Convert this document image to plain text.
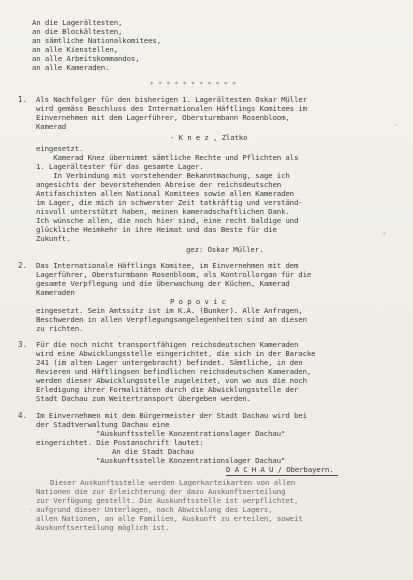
An die Lagerältesten,
an die Blockältesten,
an sämtliche Nationalkomitees,
an alle Kienstellen,
an alle Arbeitskommandos,
an alle Kameraden.
* * * * * * * * * * *
1. Als Nachfolger für den bisherigen 1. Lagerältesten Oskar Müller
wird gemäss Beschluss des Internationalen Häftlings Komitees im
Einvernehmen mit dem Lagerführer, Obersturmbann Rosenbloom,
Kamerad
- K n e z , Zlatko
eingesetzt.
Kamerad Knez übernimmt sämtliche Rechte und Pflichten als
1. Lagerältester für das gesamte Lager.
In Verbindung mit vorstehender Bekanntmachung, sage ich
angesichts der bevorstehenden Abreise der reichsdeutschen
Antifaschisten allen National Komitees sowie allen Kameraden
im Lager, die mich in schwerster Zeit tatkräftig und verständ-
nisvoll unterstützt haben, meinen kameradschaftlichen Dank.
Ich wünsche allen, die noch hier sind, eine recht baldige und
glückliche Heimkehr in ihre Heimat und das Beste für die
Zukunft.
gez: Oskar Müller.
2. Das Internationale Häftlings Komitee, im Einvernehmen mit dem
Lagerführer, Obersturmbann Rosenbloom, als Kontrollorgan für die
gesamte Verpflegung und die Überwachung der Küchen, Kamerad
Kameraden
P o p o v i c
eingesetzt. Sein Amtssitz ist im K.A. (Bunker). Alle Anfragen,
Beschwerden in allen Verpflegungsangelegenheiten sind an diesen
zu richten.
3. Für die noch nicht transportfähigen reichsdeutschen Kameraden
wird eine Abwicklungsstelle eingerichtet, die sich in der Baracke
241 (im alten Lager untergebracht) befindet. Sämtliche, in den
Revieren und Häftlingsen befindlichen reichsdeutschen Kameraden,
werden dieser Abwicklungsstelle zugeleitet, von wo aus die noch
Erledigung ihrer Formalitäten durch die Abwicklungsstelle der
Stadt Dachau zum Weitertransport übergeben werden.
4. Im Einvernehmen mit dem Bürgermeister der Stadt Dachau wird bei
der Stadtverwaltung Dachau eine
"Auskunftsstelle Konzentrationslager Dachau"
eingerichtet. Die Postanschrift lautet:
An die Stadt Dachau
"Auskunftsstelle Konzentrationslager Dachau"
D A C H A U / Oberbayern.
Dieser Auskunftsstelle werden Lagerkarteikarten von allen
Nationen die zur Erleichterung der dazu Auskunftserteilung
zur Verfügung gestellt. Die Auskunftsstelle ist verpflichtet,
aufgrund dieser Unterlagen, nach Abwicklung des Lagers,
allen Nationen, an alle Familien, Auskunft zu erteilen, soweit
Auskunftserteilung möglich ist.
